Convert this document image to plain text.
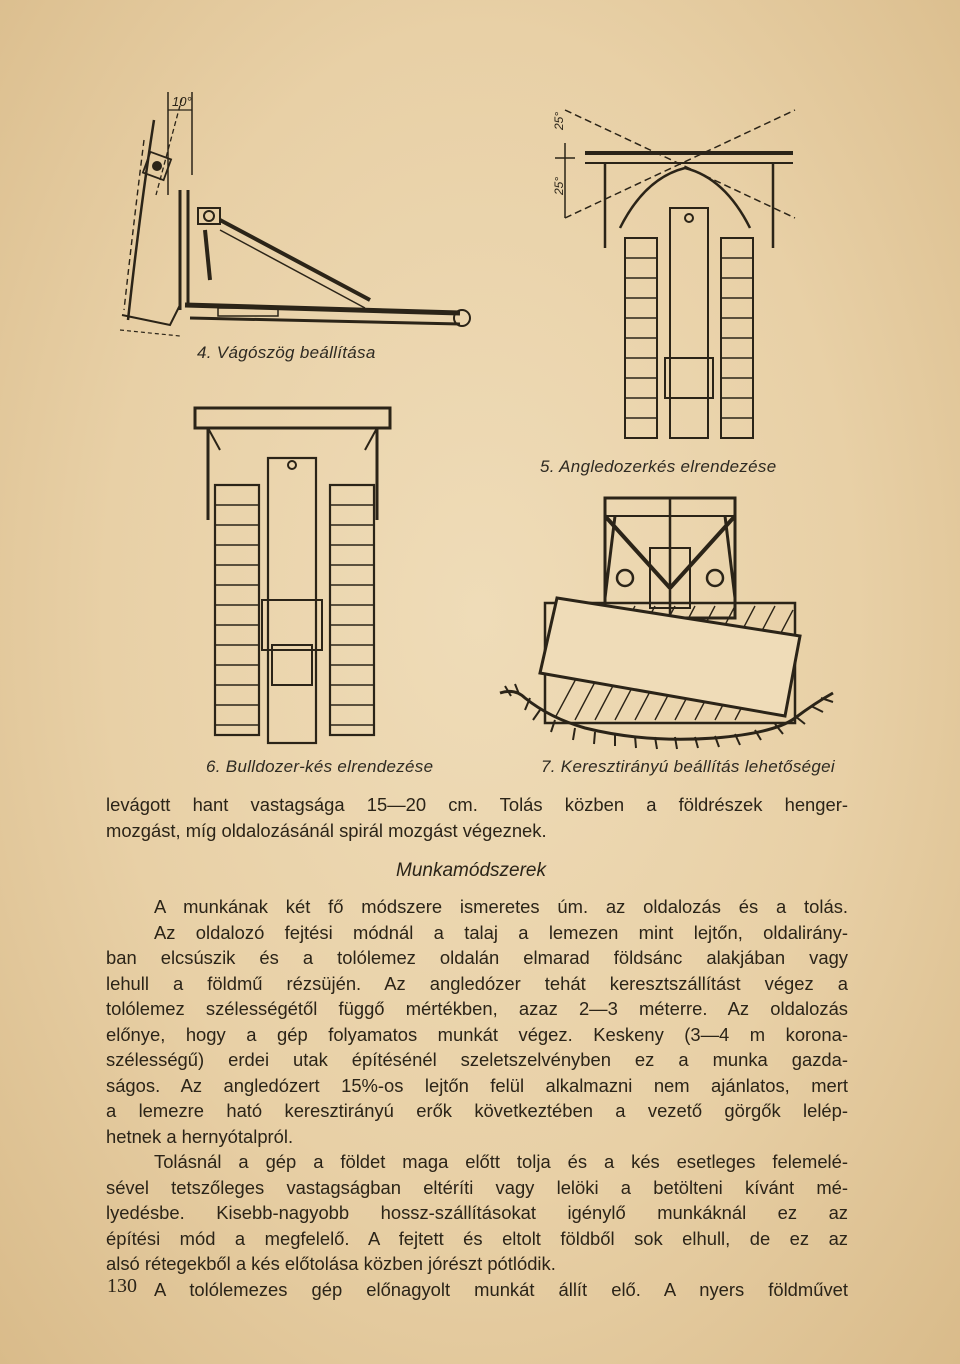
10°
4. Vágószög beállítása
25°
25°
5. Angledozerkés elrendezése
6. Bulldozer-kés elrendezése	7. Keresztirányú beállítás lehetőségei
levágott hant vastagsága 15—20 cm. Tolás közben a földrészek henger-
mozgást, míg oldalozásánál spirál mozgást végeznek.
Munkamódszerek
A munkának két fő módszere ismeretes úm. az oldalozás és a tolás.
Az oldalozó fejtési módnál a talaj a lemezen mint lejtőn, oldalirány-
ban elcsúszik és a tolólemez oldalán elmarad földsánc alakjában vagy
lehull a földmű rézsüjén. Az angledózer tehát keresztszállítást végez a
tolólemez szélességétől függő mértékben, azaz 2—3 méterre. Az oldalozás
előnye, hogy a gép folyamatos munkát végez. Keskeny (3—4 m korona-
szélességű) erdei utak építésénél szeletszelvényben ez a munka gazda-
ságos. Az angledózert 15%-os lejtőn felül alkalmazni nem ajánlatos, mert
a lemezre ható keresztirányú erők következtében a vezető görgők lelép-
hetnek a hernyótalpról.
Tolásnál a gép a földet maga előtt tolja és a kés esetleges felemelé-
sével tetszőleges vastagságban eltéríti vagy lelöki a betölteni kívánt mé-
lyedésbe. Kisebb-nagyobb hossz-szállításokat igénylő munkáknál ez az
építési mód a megfelelő. A fejtett és eltolt földből sok elhull, de ez az
alsó rétegekből a kés előtolása közben jórészt pótlódik.
A tolólemezes gép előnagyolt munkát állít elő. A nyers földművet
130
